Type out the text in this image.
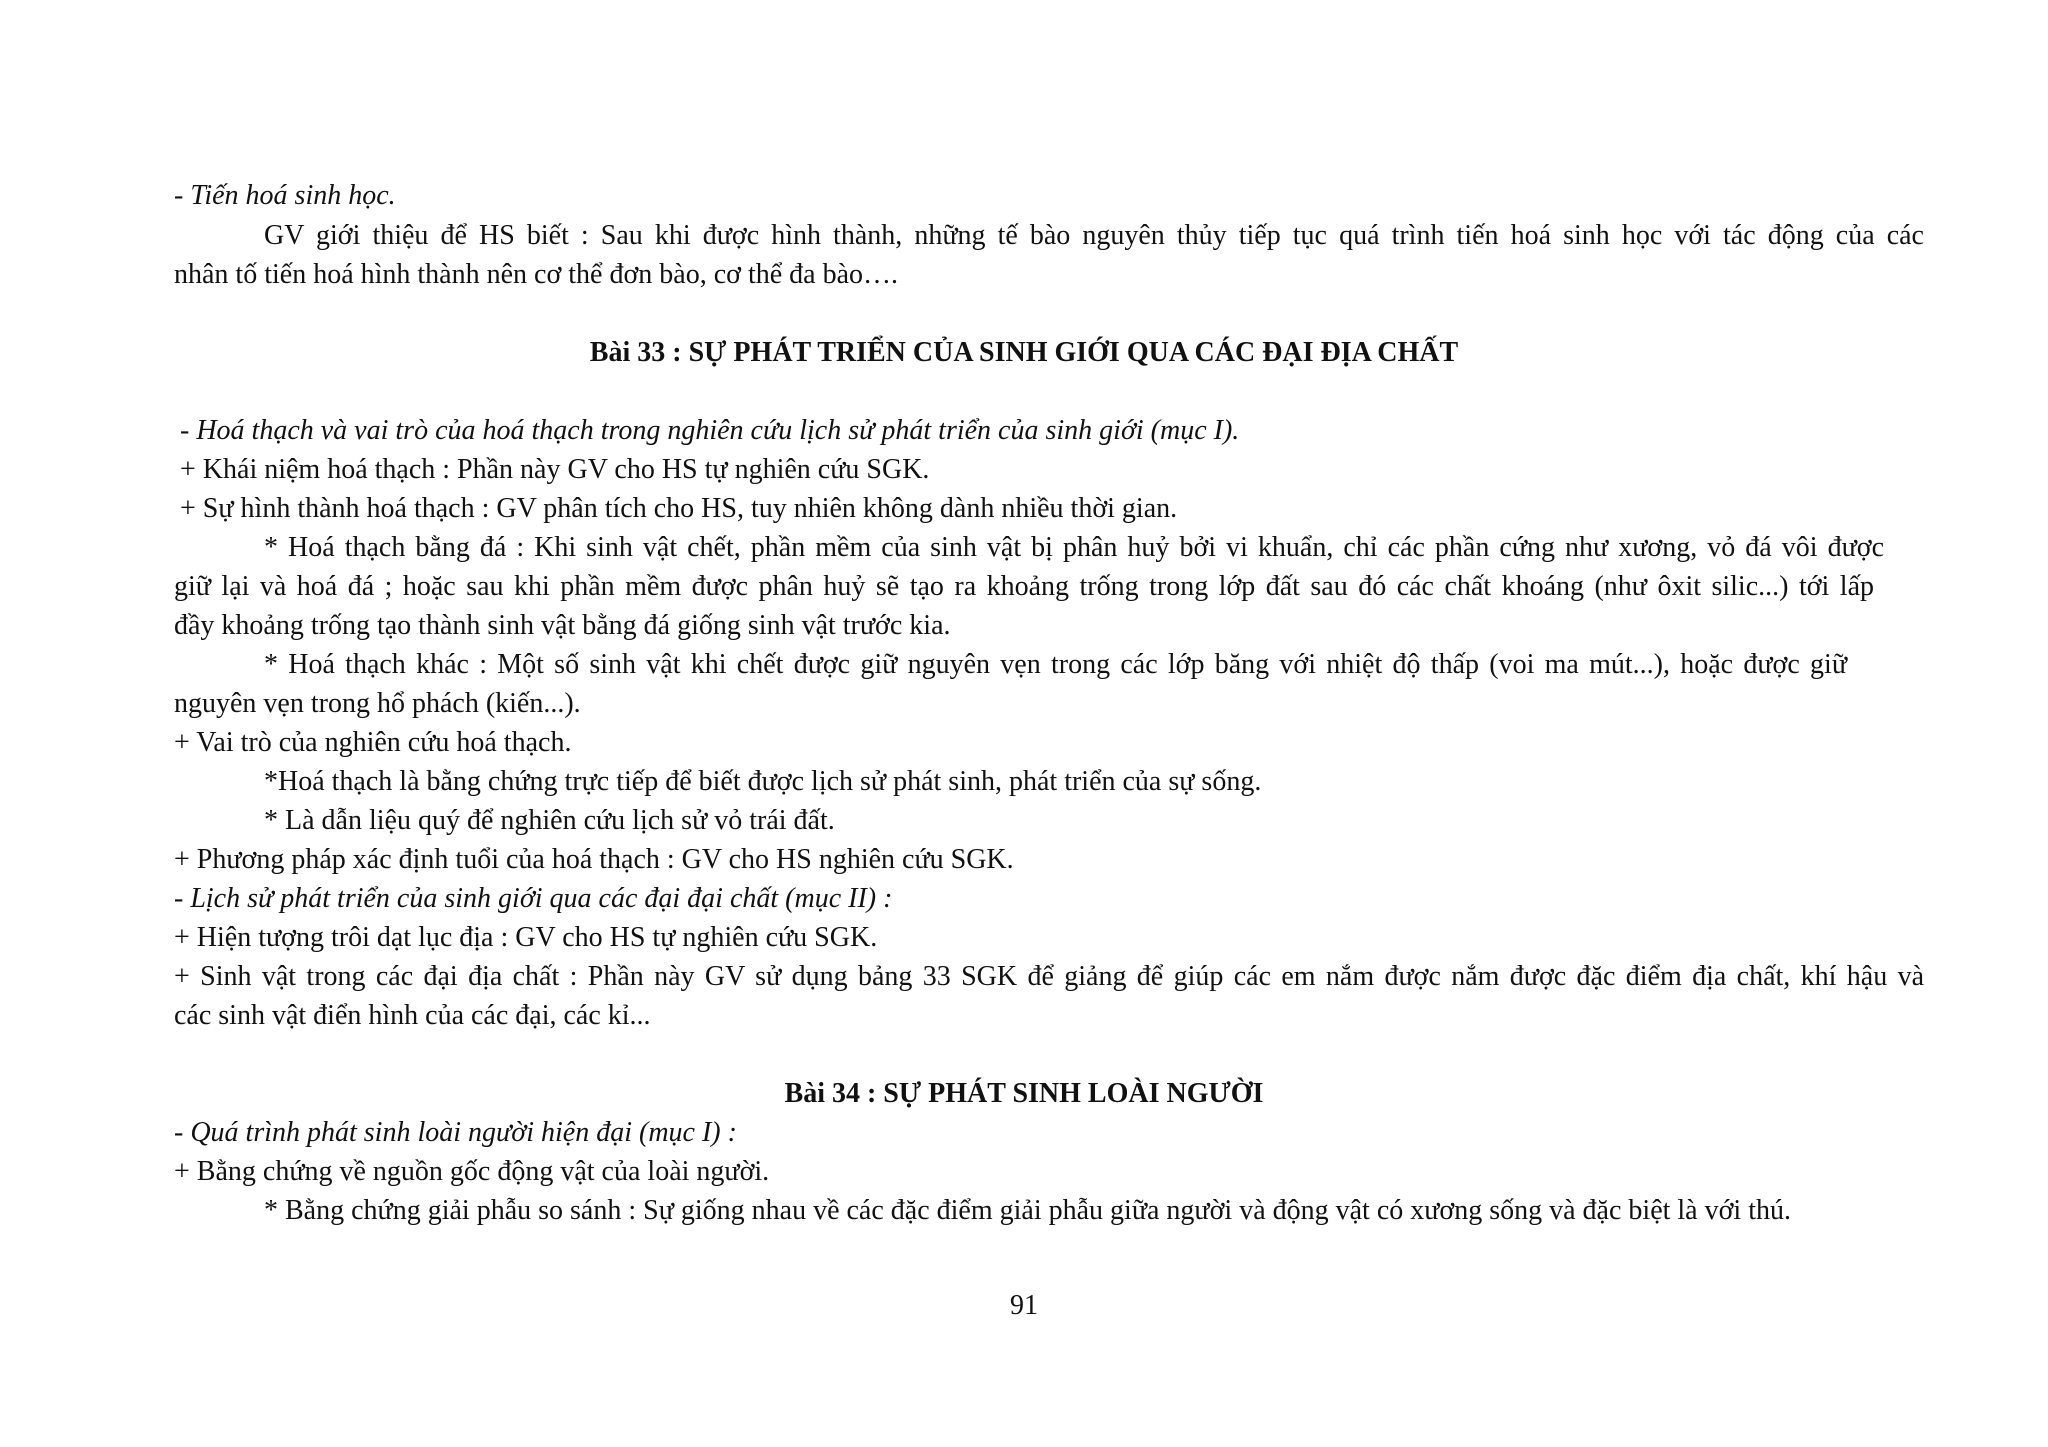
- Tiến hoá sinh học.
GV giới thiệu để HS biết : Sau khi được hình thành, những tế bào nguyên thủy tiếp tục quá trình tiến hoá sinh học với tác động của các
nhân tố tiến hoá hình thành nên cơ thể đơn bào, cơ thể đa bào….
Bài 33 : SỰ PHÁT TRIỂN CỦA SINH GIỚI QUA CÁC ĐẠI ĐỊA CHẤT
- Hoá thạch và vai trò của hoá thạch trong nghiên cứu lịch sử phát triển của sinh giới (mục I).
+ Khái niệm hoá thạch : Phần này GV cho HS tự nghiên cứu SGK.
+ Sự hình thành hoá thạch : GV phân tích cho HS, tuy nhiên không dành nhiều thời gian.
* Hoá thạch bằng đá : Khi sinh vật chết, phần mềm của sinh vật bị phân huỷ bởi vi khuẩn, chỉ các phần cứng như xương, vỏ đá vôi được
giữ lại và hoá đá ; hoặc sau khi phần mềm được phân huỷ sẽ tạo ra khoảng trống trong lớp đất sau đó các chất khoáng (như ôxit silic...) tới lấp
đầy khoảng trống tạo thành sinh vật bằng đá giống sinh vật trước kia.
* Hoá thạch khác : Một số sinh vật khi chết được giữ nguyên vẹn trong các lớp băng với nhiệt độ thấp (voi ma mút...), hoặc được giữ
nguyên vẹn trong hổ phách (kiến...).
+ Vai trò của nghiên cứu hoá thạch.
*Hoá thạch là bằng chứng trực tiếp để biết được lịch sử phát sinh, phát triển của sự sống.
* Là dẫn liệu quý để nghiên cứu lịch sử vỏ trái đất.
+ Phương pháp xác định tuổi của hoá thạch : GV cho HS nghiên cứu SGK.
- Lịch sử phát triển của sinh giới qua các đại đại chất (mục II) :
+ Hiện tượng trôi dạt lục địa : GV cho HS tự nghiên cứu SGK.
+ Sinh vật trong các đại địa chất : Phần này GV sử dụng bảng 33 SGK để giảng để giúp các em nắm được nắm được đặc điểm địa chất, khí hậu và
các sinh vật điển hình của các đại, các kỉ...
Bài 34 : SỰ PHÁT SINH LOÀI NGƯỜI
- Quá trình phát sinh loài người hiện đại (mục I) :
+ Bằng chứng về nguồn gốc động vật của loài người.
* Bằng chứng giải phẫu so sánh : Sự giống nhau về các đặc điểm giải phẫu giữa người và động vật có xương sống và đặc biệt là với thú.
91
